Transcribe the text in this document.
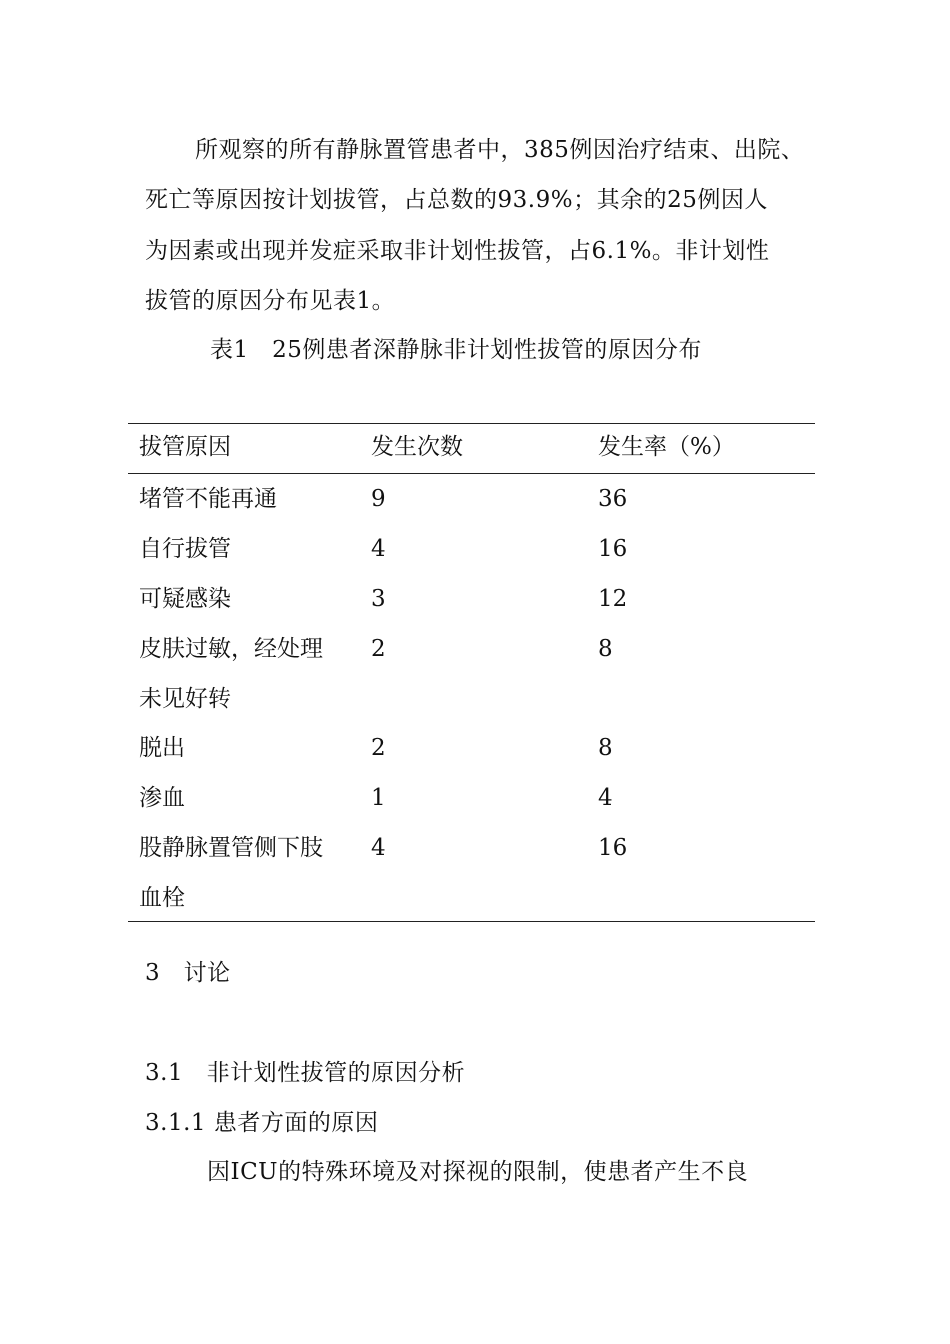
所观察的所有静脉置管患者中，385例因治疗结束、出院、
死亡等原因按计划拔管，占总数的93.9%；其余的25例因人
为因素或出现并发症采取非计划性拔管，占6.1%。非计划性
拔管的原因分布见表1。
表1　25例患者深静脉非计划性拔管的原因分布
拔管原因	发生次数	发生率（%）
堵管不能再通	9	36
自行拔管	4	16
可疑感染	3	12
皮肤过敏，经处理 2	8
未见好转
脱出	2	8
渗血	1	4
股静脉置管侧下肢 4	16
血栓
3　讨论
3.1　非计划性拔管的原因分析
3.1.1 患者方面的原因
因ICU的特殊环境及对探视的限制，使患者产生不良
